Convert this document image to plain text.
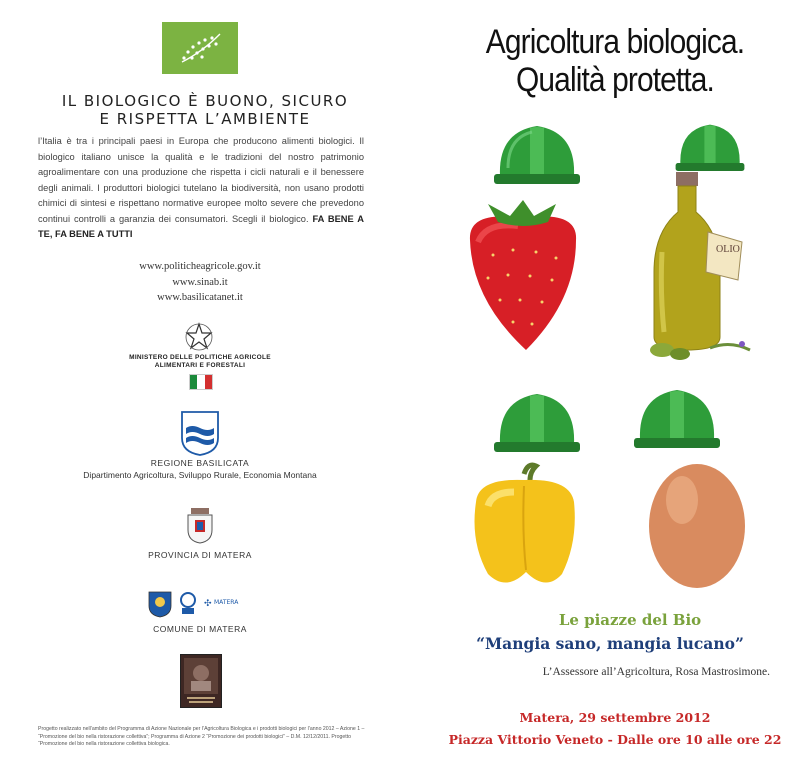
IL BIOLOGICO È BUONO, SICURO
E RISPETTA L’AMBIENTE
l’Italia è tra i principali paesi in Europa che producono alimenti biologici. Il biologico italiano unisce la qualità e le tradizioni del nostro patrimonio agroalimentare con una produzione che rispetta i cicli naturali e il benessere degli animali. I produttori biologici tutelano la biodiversità, non usano prodotti chimici di sintesi e rispettano normative europee molto severe che prevedono continui controlli a garanzia dei consumatori. Scegli il biologico. FA BENE A TE, FA BENE A TUTTI
www.politicheagricole.gov.it
www.sinab.it
www.basilicatanet.it
MINISTERO DELLE POLITICHE AGRICOLE
ALIMENTARI E FORESTALI
REGIONE BASILICATA
Dipartimento Agricoltura, Sviluppo Rurale, Economia Montana
PROVINCIA DI MATERA
✣ MATERA
COMUNE DI MATERA
Progetto realizzato nell’ambito del Programma di Azione Nazionale per l’Agricoltura Biologica e i prodotti biologici per l’anno 2012 – Azione 1 – “Promozione del bio nella ristorazione collettiva”; Programma di Azione 2 “Promozione dei prodotti biologici” – D.M. 12/12/2011. Progetto “Promozione del bio nella ristorazione collettiva biologica.
Agricoltura biologica.
Qualità protetta.
OLIO
Le piazze del Bio
“Mangia sano, mangia lucano”
L’Assessore all’Agricoltura, Rosa Mastrosimone.
Matera, 29 settembre 2012
Piazza Vittorio Veneto - Dalle ore 10 alle ore 22
